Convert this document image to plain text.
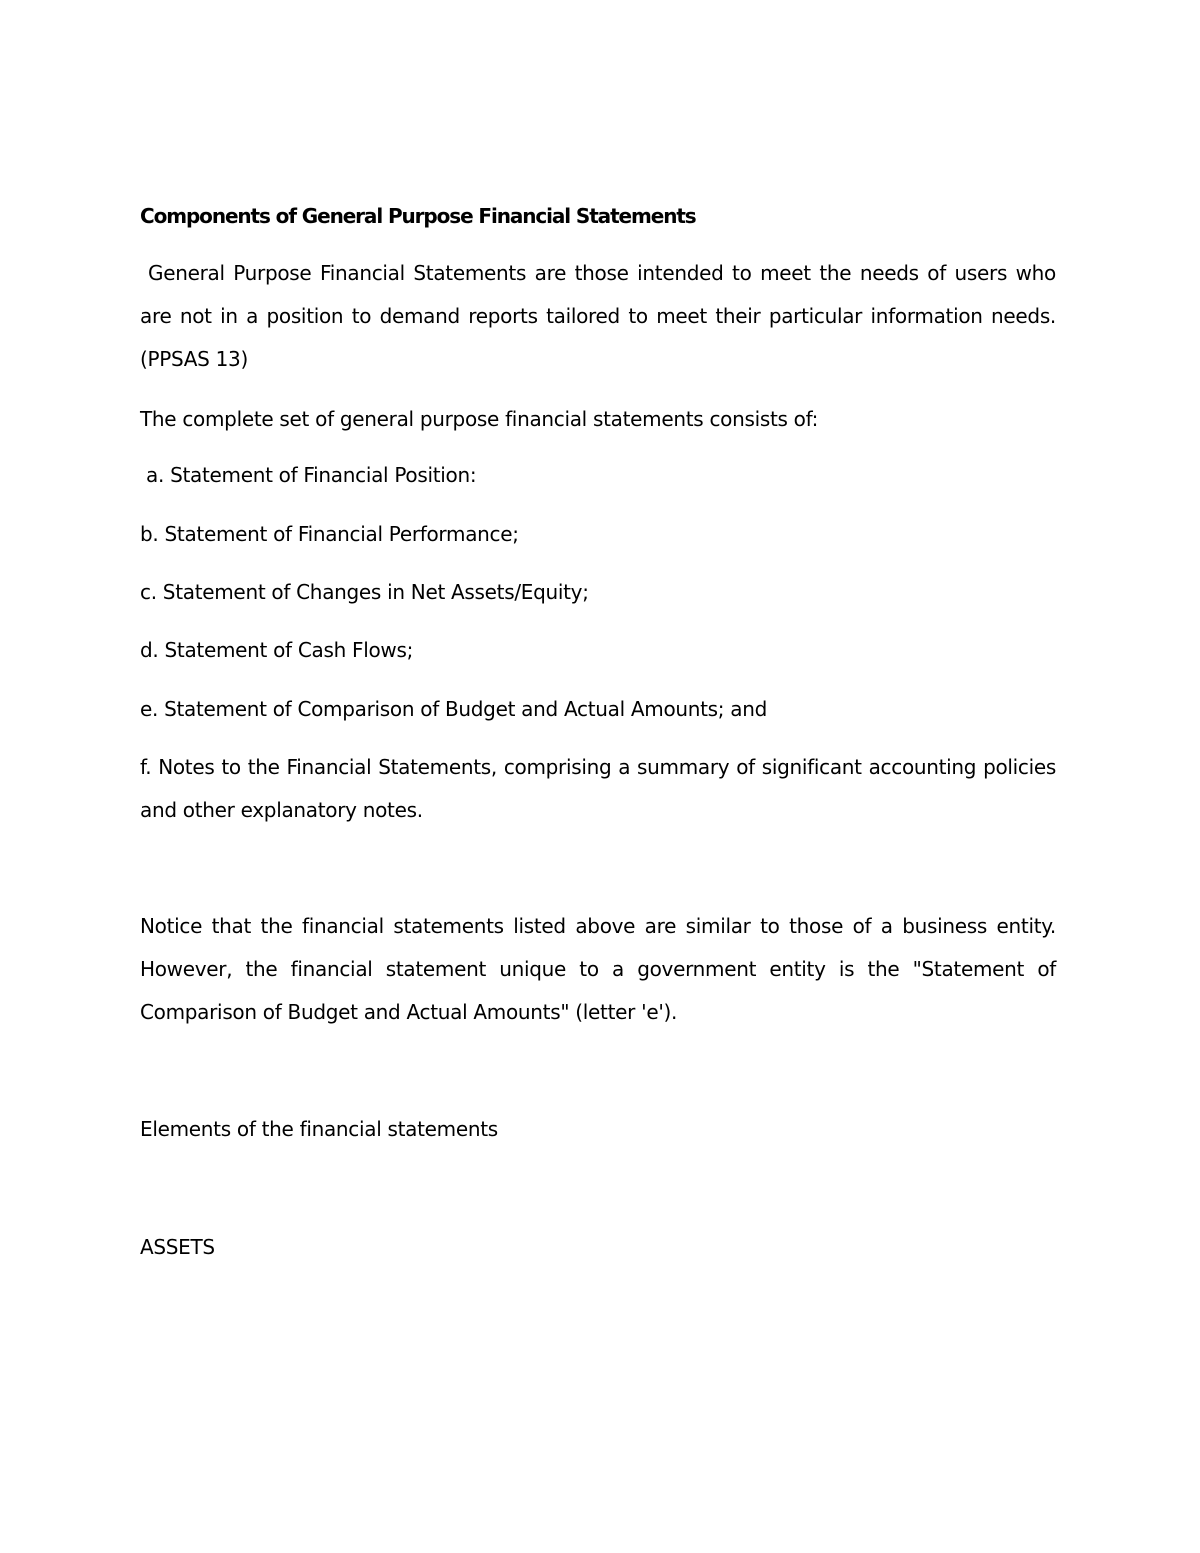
Components of General Purpose Financial Statements
General Purpose Financial Statements are those intended to meet the needs of users who are not in a position to demand reports tailored to meet their particular information needs. (PPSAS 13)
The complete set of general purpose financial statements consists of:
a. Statement of Financial Position:
b. Statement of Financial Performance;
c. Statement of Changes in Net Assets/Equity;
d. Statement of Cash Flows;
e. Statement of Comparison of Budget and Actual Amounts; and
f. Notes to the Financial Statements, comprising a summary of significant accounting policies and other explanatory notes.
Notice that the financial statements listed above are similar to those of a business entity. However, the financial statement unique to a government entity is the "Statement of Comparison of Budget and Actual Amounts" (letter 'e').
Elements of the financial statements
ASSETS
